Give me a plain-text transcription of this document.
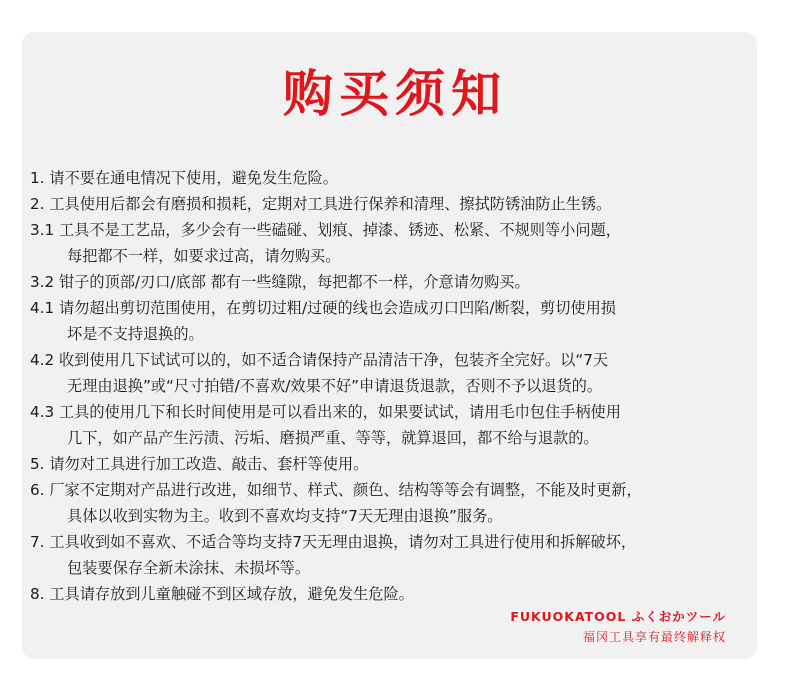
购买须知
1. 请不要在通电情况下使用，避免发生危险。
2. 工具使用后都会有磨损和损耗，定期对工具进行保养和清理、擦拭防锈油防止生锈。
3.1 工具不是工艺品，多少会有一些磕碰、划痕、掉漆、锈迹、松紧、不规则等小问题，
每把都不一样，如要求过高，请勿购买。
3.2 钳子的顶部/刃口/底部 都有一些缝隙，每把都不一样，介意请勿购买。
4.1 请勿超出剪切范围使用，在剪切过粗/过硬的线也会造成刃口凹陷/断裂，剪切使用损
坏是不支持退换的。
4.2 收到使用几下试试可以的，如不适合请保持产品清洁干净，包装齐全完好。以“7天
无理由退换”或“尺寸拍错/不喜欢/效果不好”申请退货退款，否则不予以退货的。
4.3 工具的使用几下和长时间使用是可以看出来的，如果要试试，请用毛巾包住手柄使用
几下，如产品产生污渍、污垢、磨损严重、等等，就算退回，都不给与退款的。
5. 请勿对工具进行加工改造、敲击、套杆等使用。
6. 厂家不定期对产品进行改进，如细节、样式、颜色、结构等等会有调整，不能及时更新，
具体以收到实物为主。收到不喜欢均支持“7天无理由退换”服务。
7. 工具收到如不喜欢、不适合等均支持7天无理由退换，请勿对工具进行使用和拆解破坏，
包装要保存全新未涂抹、未损坏等。
8. 工具请存放到儿童触碰不到区域存放，避免发生危险。
FUKUOKATOOL ふくおかツール
福冈工具享有最终解释权
